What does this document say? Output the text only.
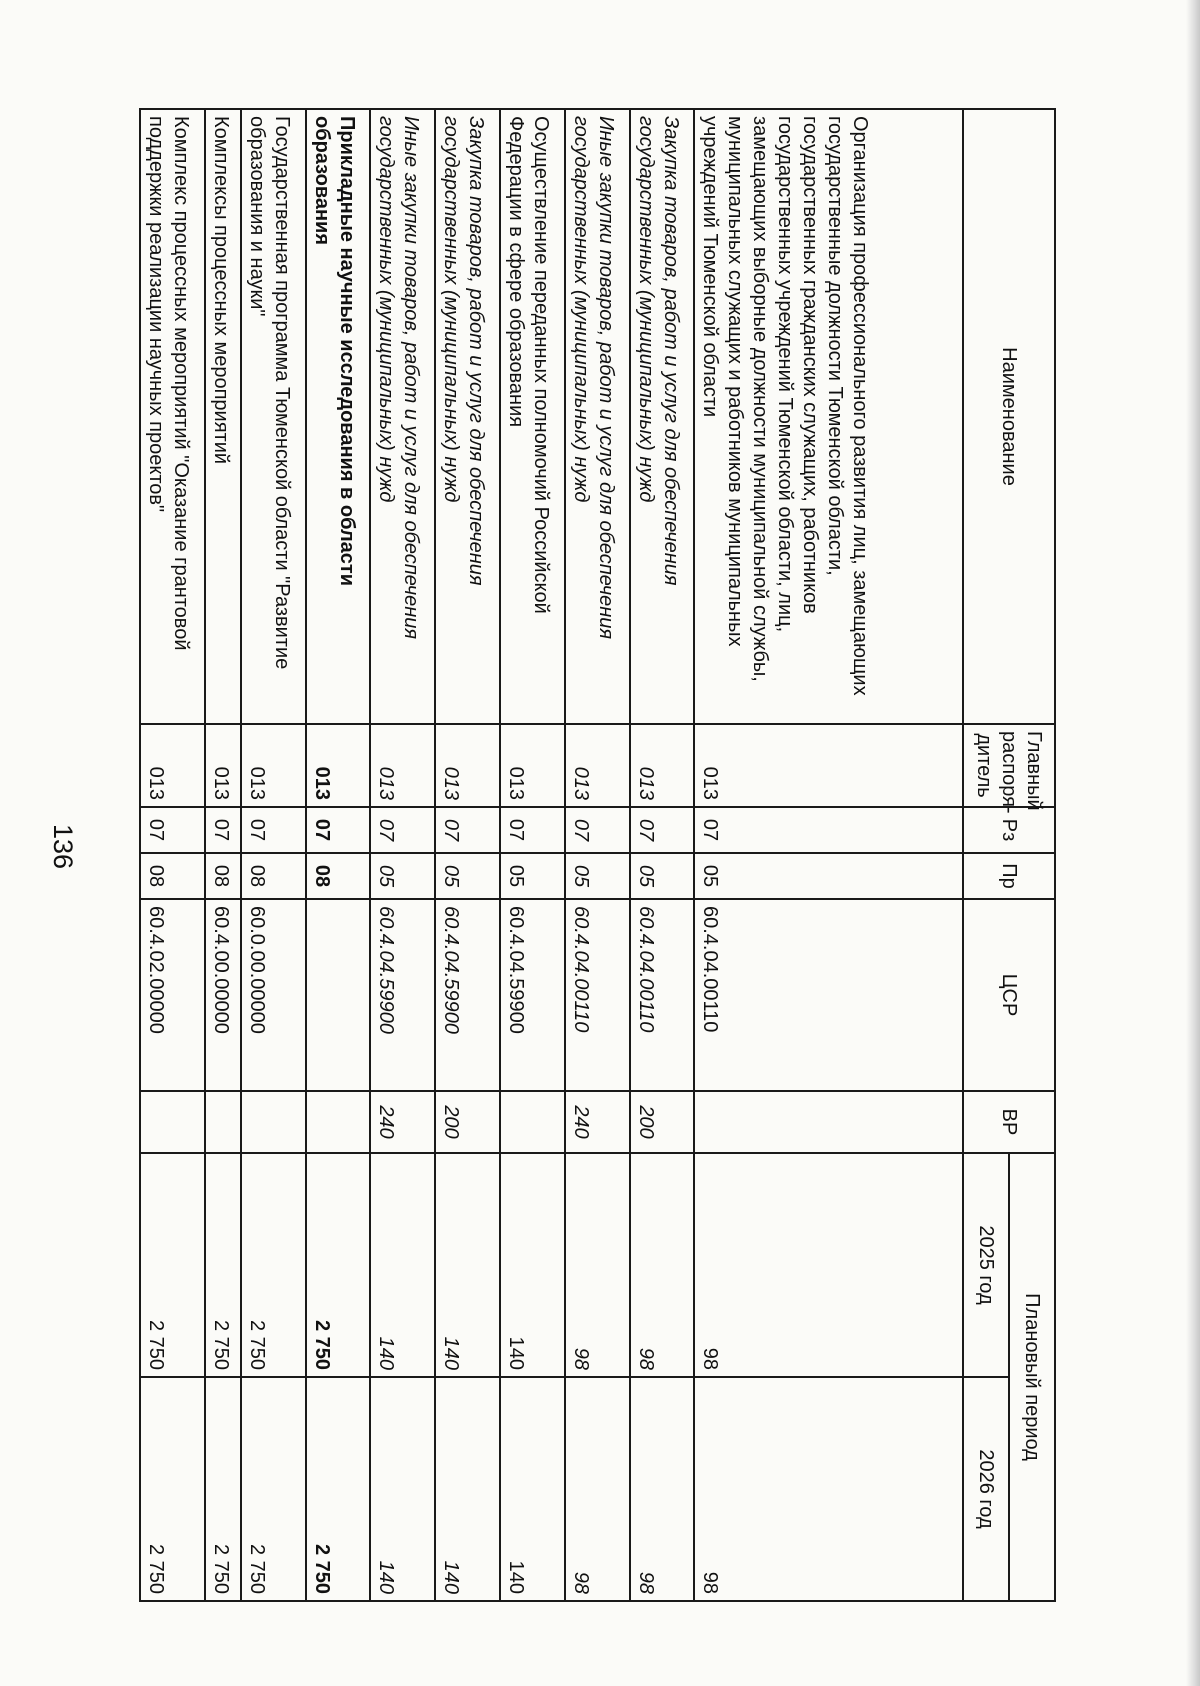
136
Наименование	Главный распоря-дитель	Рз	Пр	ЦСР	ВР	Плановый период	
						2025 год	2026 год
Организация профессионального развития лиц, замещающих государственные должности Тюменской области, государственных гражданских служащих, работников государственных учреждений Тюменской области, лиц, замещающих выборные должности муниципальной службы, муниципальных служащих и работников муниципальных учреждений Тюменской области	013	07	05	60.4.04.00110		98	98
Закупка товаров, работ и услуг для обеспечения государственных (муниципальных) нужд	013	07	05	60.4.04.00110	200	98	98
Иные закупки товаров, работ и услуг для обеспечения государственных (муниципальных) нужд	013	07	05	60.4.04.00110	240	98	98
Осуществление переданных полномочий Российской Федерации в сфере образования	013	07	05	60.4.04.59900		140	140
Закупка товаров, работ и услуг для обеспечения государственных (муниципальных) нужд	013	07	05	60.4.04.59900	200	140	140
Иные закупки товаров, работ и услуг для обеспечения государственных (муниципальных) нужд	013	07	05	60.4.04.59900	240	140	140
Прикладные научные исследования в области образования	013	07	08			2 750	2 750
Государственная программа Тюменской области "Развитие образования и науки"	013	07	08	60.0.00.00000		2 750	2 750
Комплексы процессных мероприятий	013	07	08	60.4.00.00000		2 750	2 750
Комплекс процессных мероприятий "Оказание грантовой поддержки реализации научных проектов"	013	07	08	60.4.02.00000		2 750	2 750
